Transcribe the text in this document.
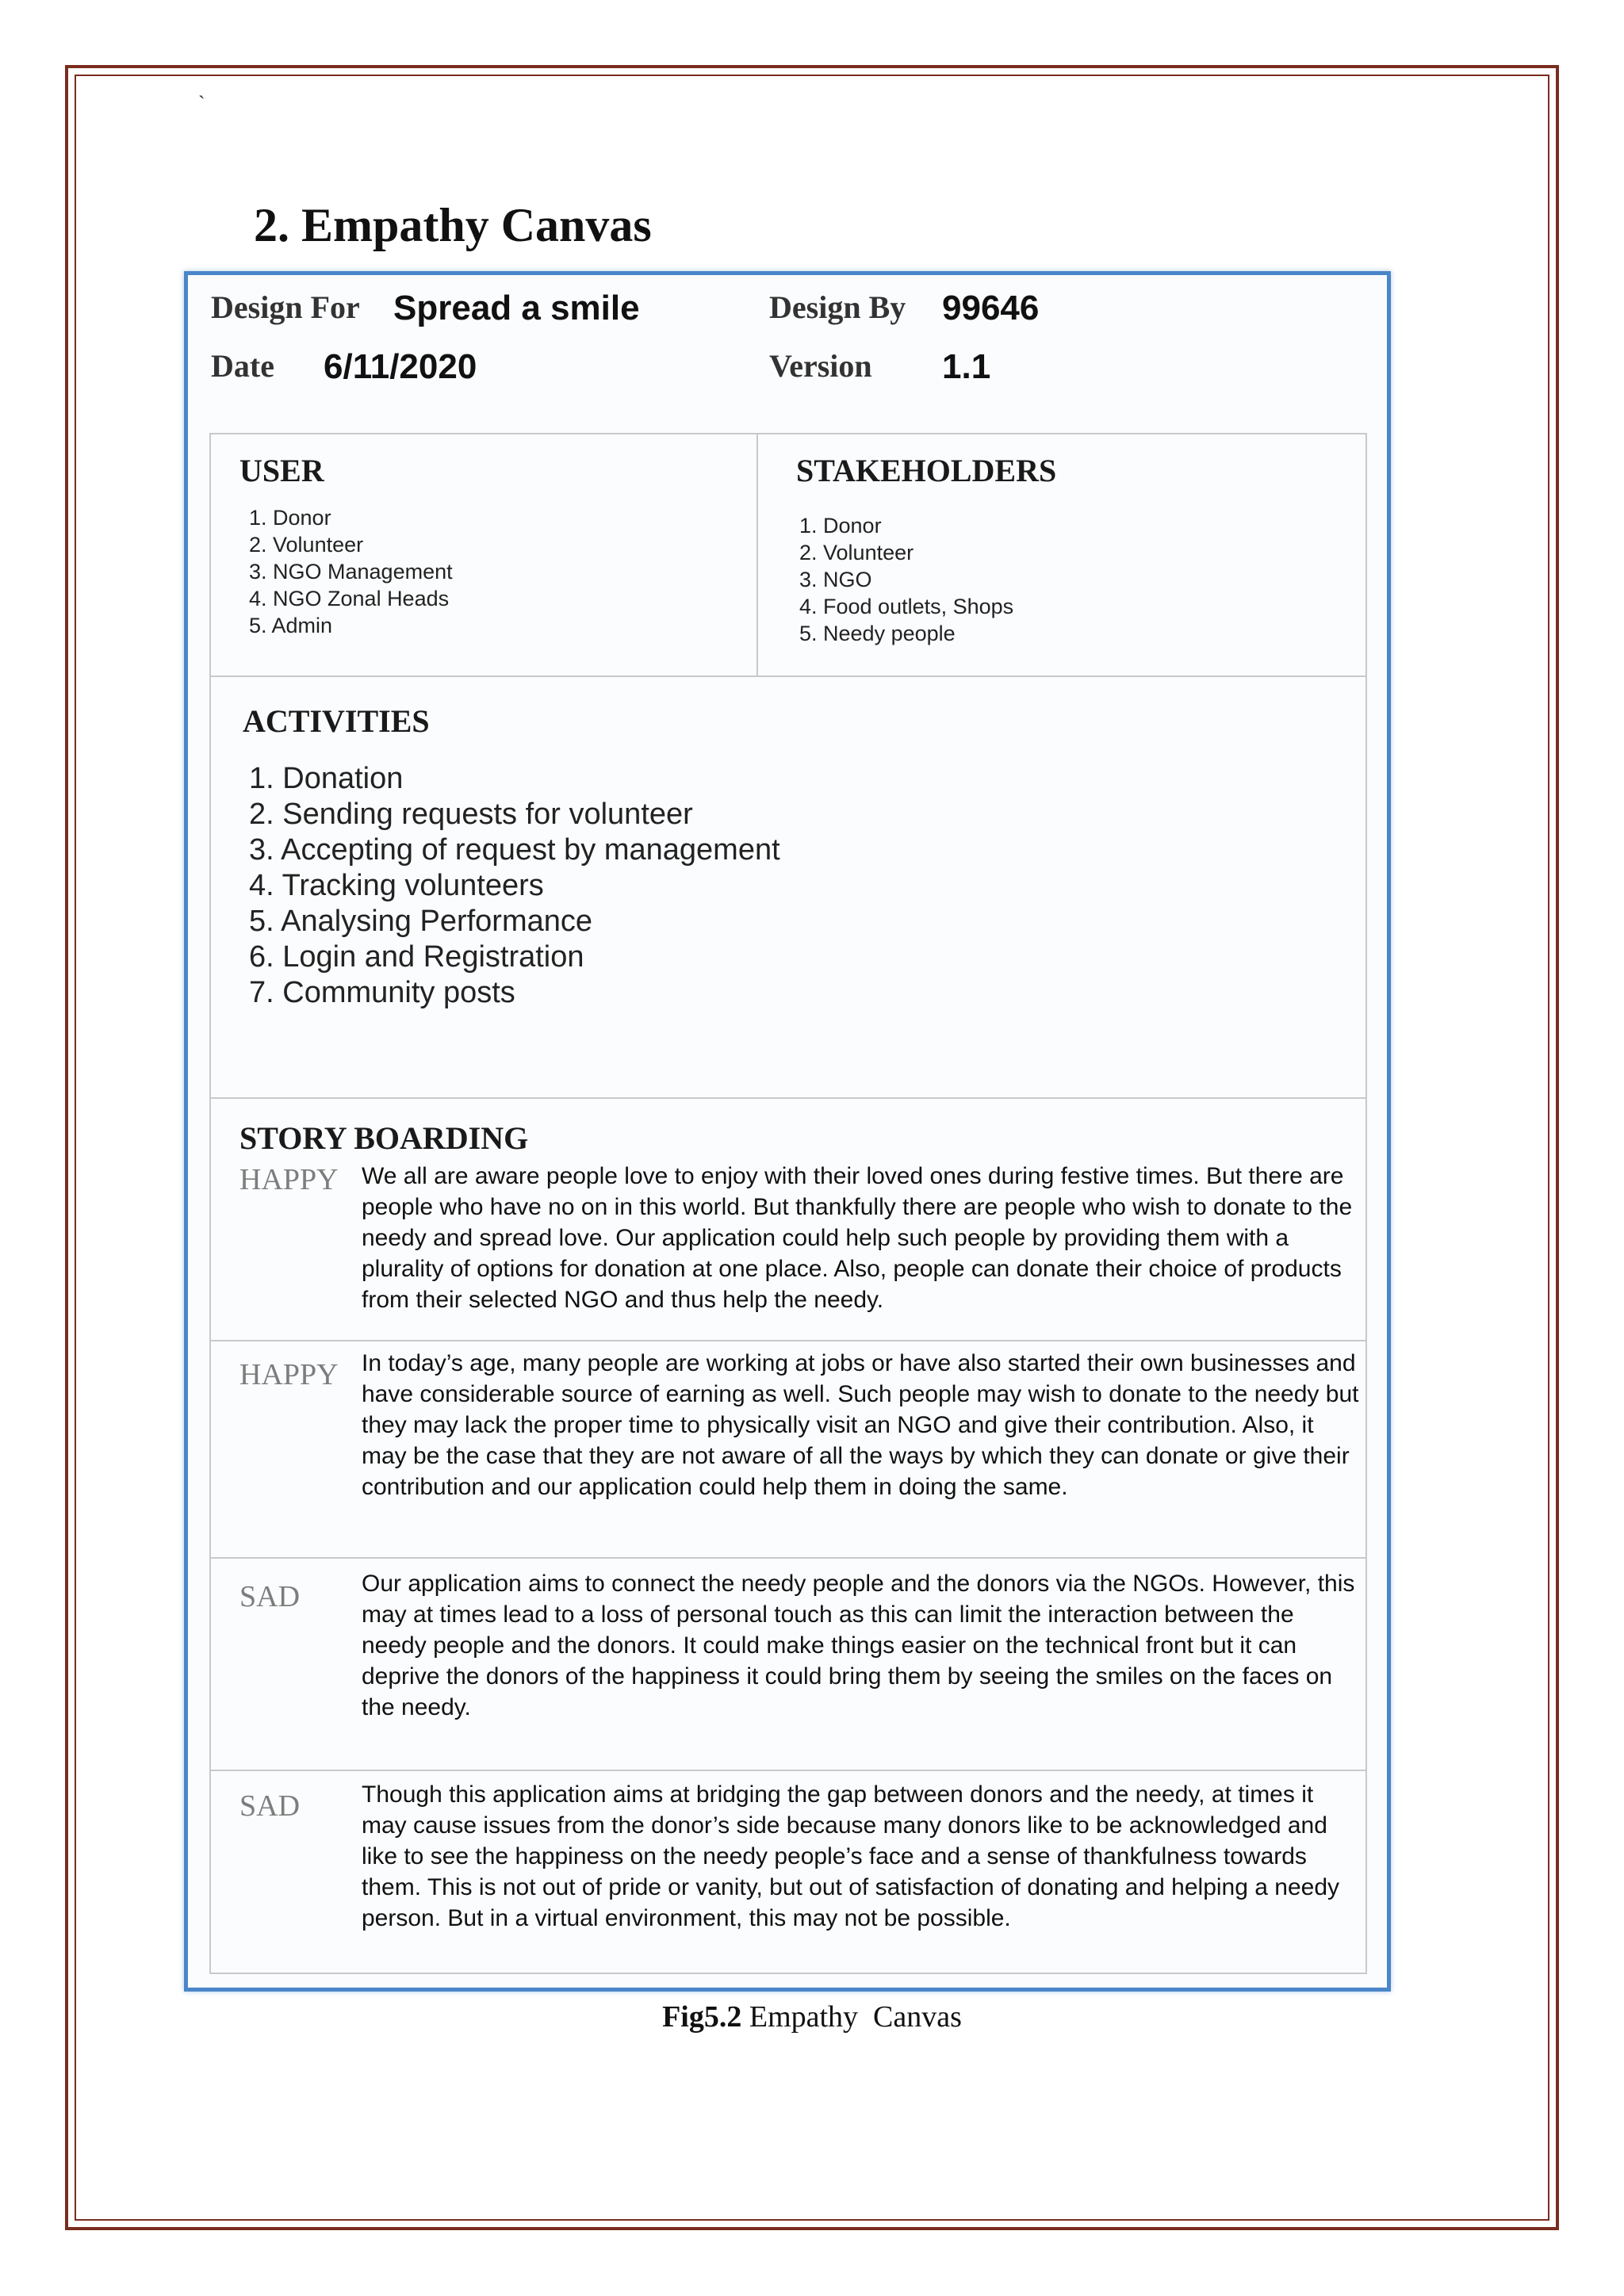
`
2. Empathy Canvas
Design For Spread a smile	Design By 99646
Date 6/11/2020	Version 1.1
USER
1. Donor
2. Volunteer
3. NGO Management
4. NGO Zonal Heads
5. Admin
STAKEHOLDERS
1. Donor
2. Volunteer
3. NGO
4. Food outlets, Shops
5. Needy people
ACTIVITIES
1. Donation
2. Sending requests for volunteer
3. Accepting of request by management
4. Tracking volunteers
5. Analysing Performance
6. Login and Registration
7. Community posts
STORY BOARDING
HAPPY We all are aware people love to enjoy with their loved ones during festive times. But there are people who have no on in this world. But thankfully there are people who wish to donate to the needy and spread love. Our application could help such people by providing them with a plurality of options for donation at one place. Also, people can donate their choice of products from their selected NGO and thus help the needy.

HAPPY In today’s age, many people are working at jobs or have also started their own businesses and have considerable source of earning as well. Such people may wish to donate to the needy but they may lack the proper time to physically visit an NGO and give their contribution. Also, it may be the case that they are not aware of all the ways by which they can donate or give their contribution and our application could help them in doing the same.

SAD	Our application aims to connect the needy people and the donors via the NGOs. However, this may at times lead to a loss of personal touch as this can limit the interaction between the needy people and the donors. It could make things easier on the technical front but it can deprive the donors of the happiness it could bring them by seeing the smiles on the faces on the needy.

SAD	Though this application aims at bridging the gap between donors and the needy, at times it may cause issues from the donor’s side because many donors like to be acknowledged and like to see the happiness on the needy people’s face and a sense of thankfulness towards them. This is not out of pride or vanity, but out of satisfaction of donating and helping a needy person. But in a virtual environment, this may not be possible.

Fig5.2 Empathy  Canvas
